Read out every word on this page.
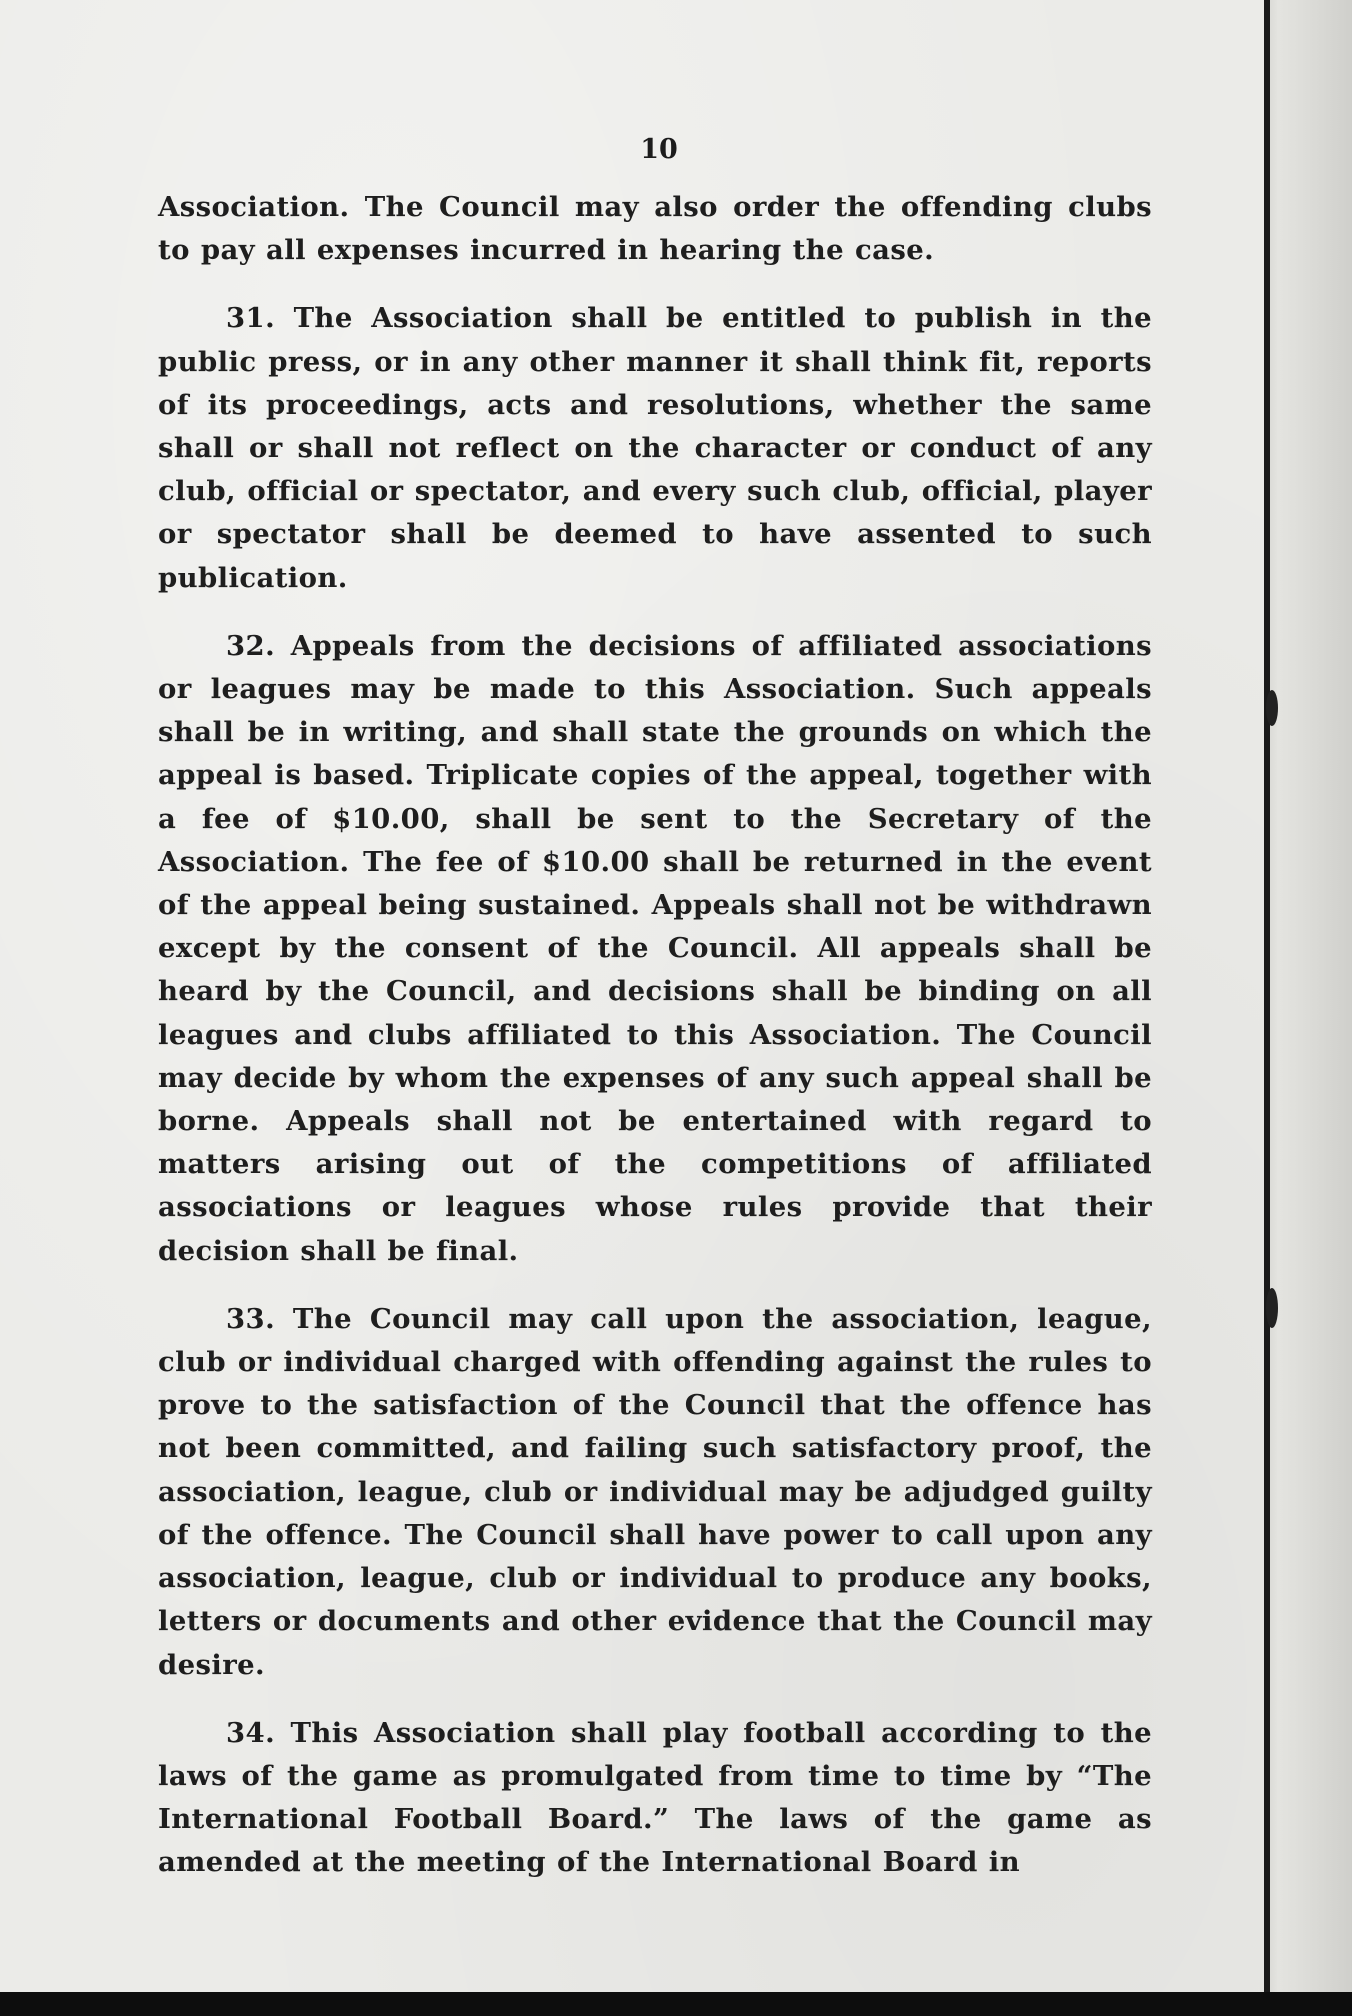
10

Association. The Council may also order the offending clubs to pay all expenses incurred in hearing the case.

31. The Association shall be entitled to publish in the public press, or in any other manner it shall think fit, reports of its proceedings, acts and resolutions, whether the same shall or shall not reflect on the character or conduct of any club, official or spectator, and every such club, official, player or spectator shall be deemed to have assented to such publication.

32. Appeals from the decisions of affiliated associations or leagues may be made to this Association. Such appeals shall be in writing, and shall state the grounds on which the appeal is based. Triplicate copies of the appeal, together with a fee of $10.00, shall be sent to the Secretary of the Association. The fee of $10.00 shall be returned in the event of the appeal being sustained. Appeals shall not be withdrawn except by the consent of the Council. All appeals shall be heard by the Council, and decisions shall be binding on all leagues and clubs affiliated to this Association. The Council may decide by whom the expenses of any such appeal shall be borne. Appeals shall not be entertained with regard to matters arising out of the competitions of affiliated associations or leagues whose rules provide that their decision shall be final.

33. The Council may call upon the association, league, club or individual charged with offending against the rules to prove to the satisfaction of the Council that the offence has not been committed, and failing such satisfactory proof, the association, league, club or individual may be adjudged guilty of the offence. The Council shall have power to call upon any association, league, club or individual to produce any books, letters or documents and other evidence that the Council may desire.

34. This Association shall play football according to the laws of the game as promulgated from time to time by “The International Football Board.” The laws of the game as amended at the meeting of the International Board in
